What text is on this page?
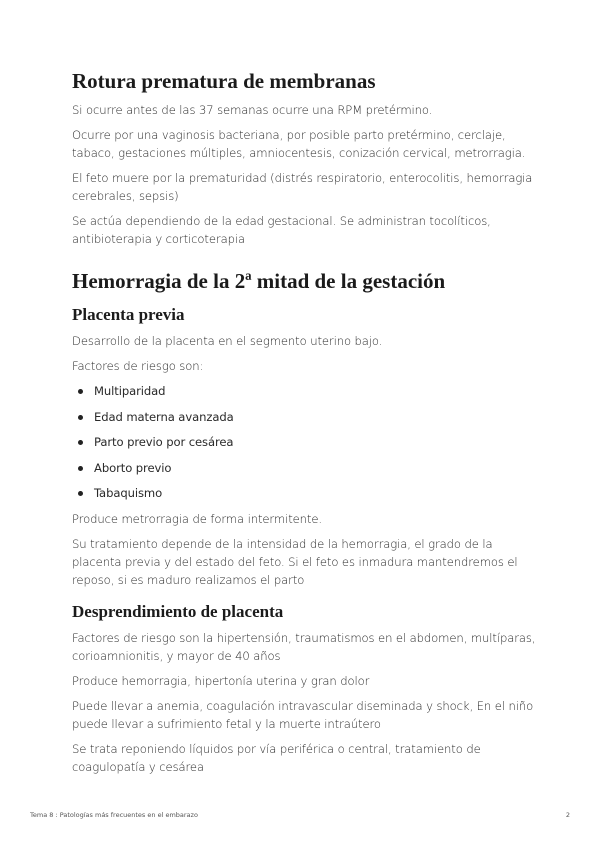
Rotura prematura de membranas

Si ocurre antes de las 37 semanas ocurre una RPM pretérmino.

Ocurre por una vaginosis bacteriana, por posible parto pretérmino, cerclaje, tabaco, gestaciones múltiples, amniocentesis, conización cervical, metrorragia.

El feto muere por la prematuridad (distrés respiratorio, enterocolitis, hemorragia cerebrales, sepsis)

Se actúa dependiendo de la edad gestacional. Se administran tocolíticos, antibioterapia y corticoterapia

Hemorragia de la 2ª mitad de la gestación
Placenta previa

Desarrollo de la placenta en el segmento uterino bajo.

Factores de riesgo son:

Multiparidad
Edad materna avanzada
Parto previo por cesárea
Aborto previo
Tabaquismo

Produce metrorragia de forma intermitente.

Su tratamiento depende de la intensidad de la hemorragia, el grado de la placenta previa y del estado del feto. Si el feto es inmadura mantendremos el reposo, si es maduro realizamos el parto

Desprendimiento de placenta

Factores de riesgo son la hipertensión, traumatismos en el abdomen, multíparas, corioamnionitis, y mayor de 40 años

Produce hemorragia, hipertonía uterina y gran dolor

Puede llevar a anemia, coagulación intravascular diseminada y shock, En el niño puede llevar a sufrimiento fetal y la muerte intraútero

Se trata reponiendo líquidos por vía periférica o central, tratamiento de coagulopatía y cesárea

Tema 8 : Patologías más frecuentes en el embarazo	2
